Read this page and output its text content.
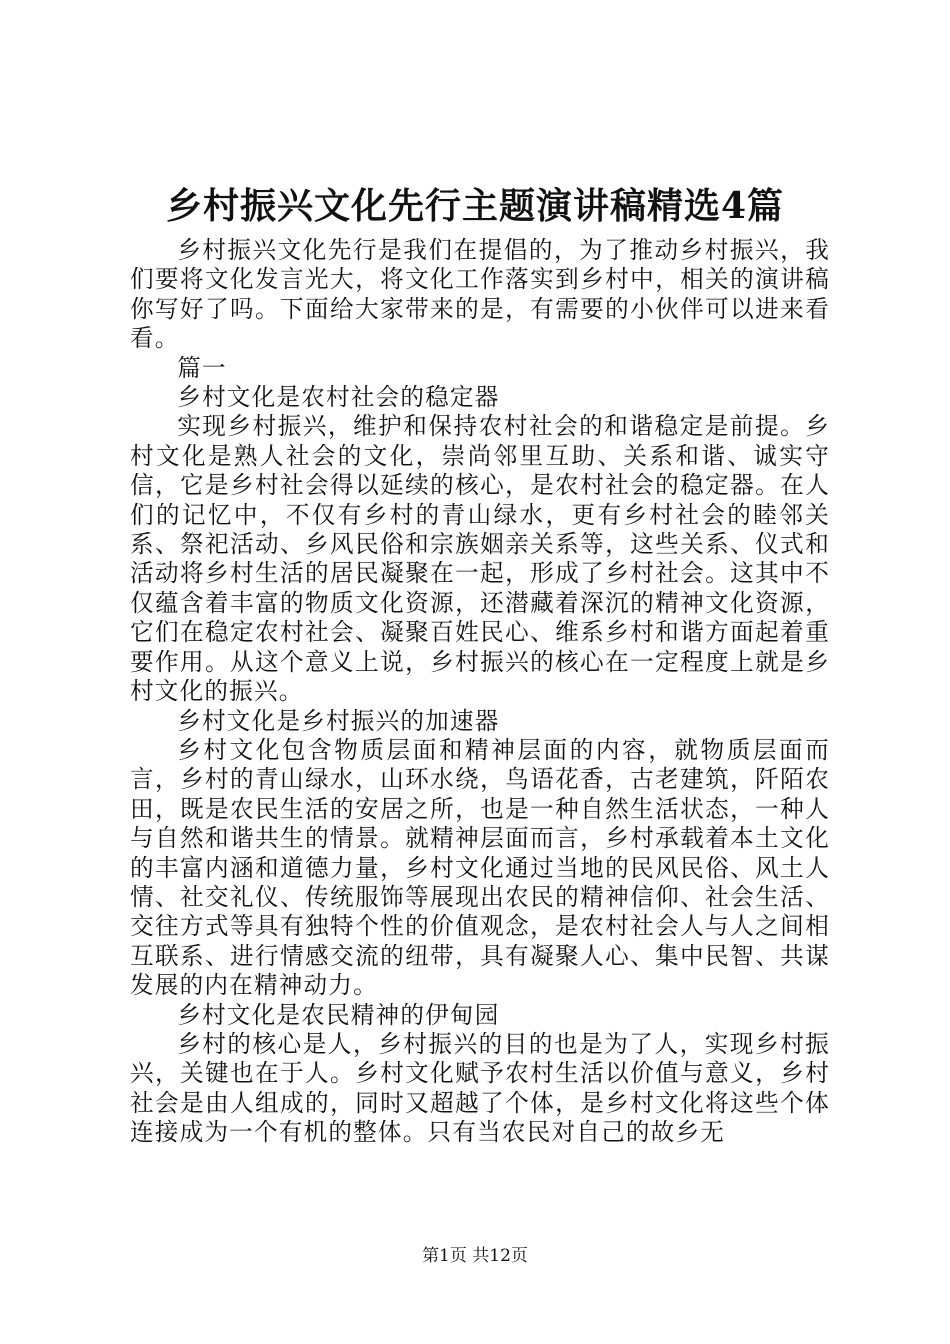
乡村振兴文化先行主题演讲稿精选4篇

乡村振兴文化先行是我们在提倡的，为了推动乡村振兴，我们要将文化发言光大，将文化工作落实到乡村中，相关的演讲稿你写好了吗。下面给大家带来的是，有需要的小伙伴可以进来看看。

篇一

乡村文化是农村社会的稳定器

实现乡村振兴，维护和保持农村社会的和谐稳定是前提。乡村文化是熟人社会的文化，崇尚邻里互助、关系和谐、诚实守信，它是乡村社会得以延续的核心，是农村社会的稳定器。在人们的记忆中，不仅有乡村的青山绿水，更有乡村社会的睦邻关系、祭祀活动、乡风民俗和宗族姻亲关系等，这些关系、仪式和活动将乡村生活的居民凝聚在一起，形成了乡村社会。这其中不仅蕴含着丰富的物质文化资源，还潜藏着深沉的精神文化资源，它们在稳定农村社会、凝聚百姓民心、维系乡村和谐方面起着重要作用。从这个意义上说，乡村振兴的核心在一定程度上就是乡村文化的振兴。

乡村文化是乡村振兴的加速器

乡村文化包含物质层面和精神层面的内容，就物质层面而言，乡村的青山绿水，山环水绕，鸟语花香，古老建筑，阡陌农田，既是农民生活的安居之所，也是一种自然生活状态，一种人与自然和谐共生的情景。就精神层面而言，乡村承载着本土文化的丰富内涵和道德力量，乡村文化通过当地的民风民俗、风土人情、社交礼仪、传统服饰等展现出农民的精神信仰、社会生活、交往方式等具有独特个性的价值观念，是农村社会人与人之间相互联系、进行情感交流的纽带，具有凝聚人心、集中民智、共谋发展的内在精神动力。

乡村文化是农民精神的伊甸园

乡村的核心是人，乡村振兴的目的也是为了人，实现乡村振兴，关键也在于人。乡村文化赋予农村生活以价值与意义，乡村社会是由人组成的，同时又超越了个体，是乡村文化将这些个体连接成为一个有机的整体。只有当农民对自己的故乡无

第1页 共12页
